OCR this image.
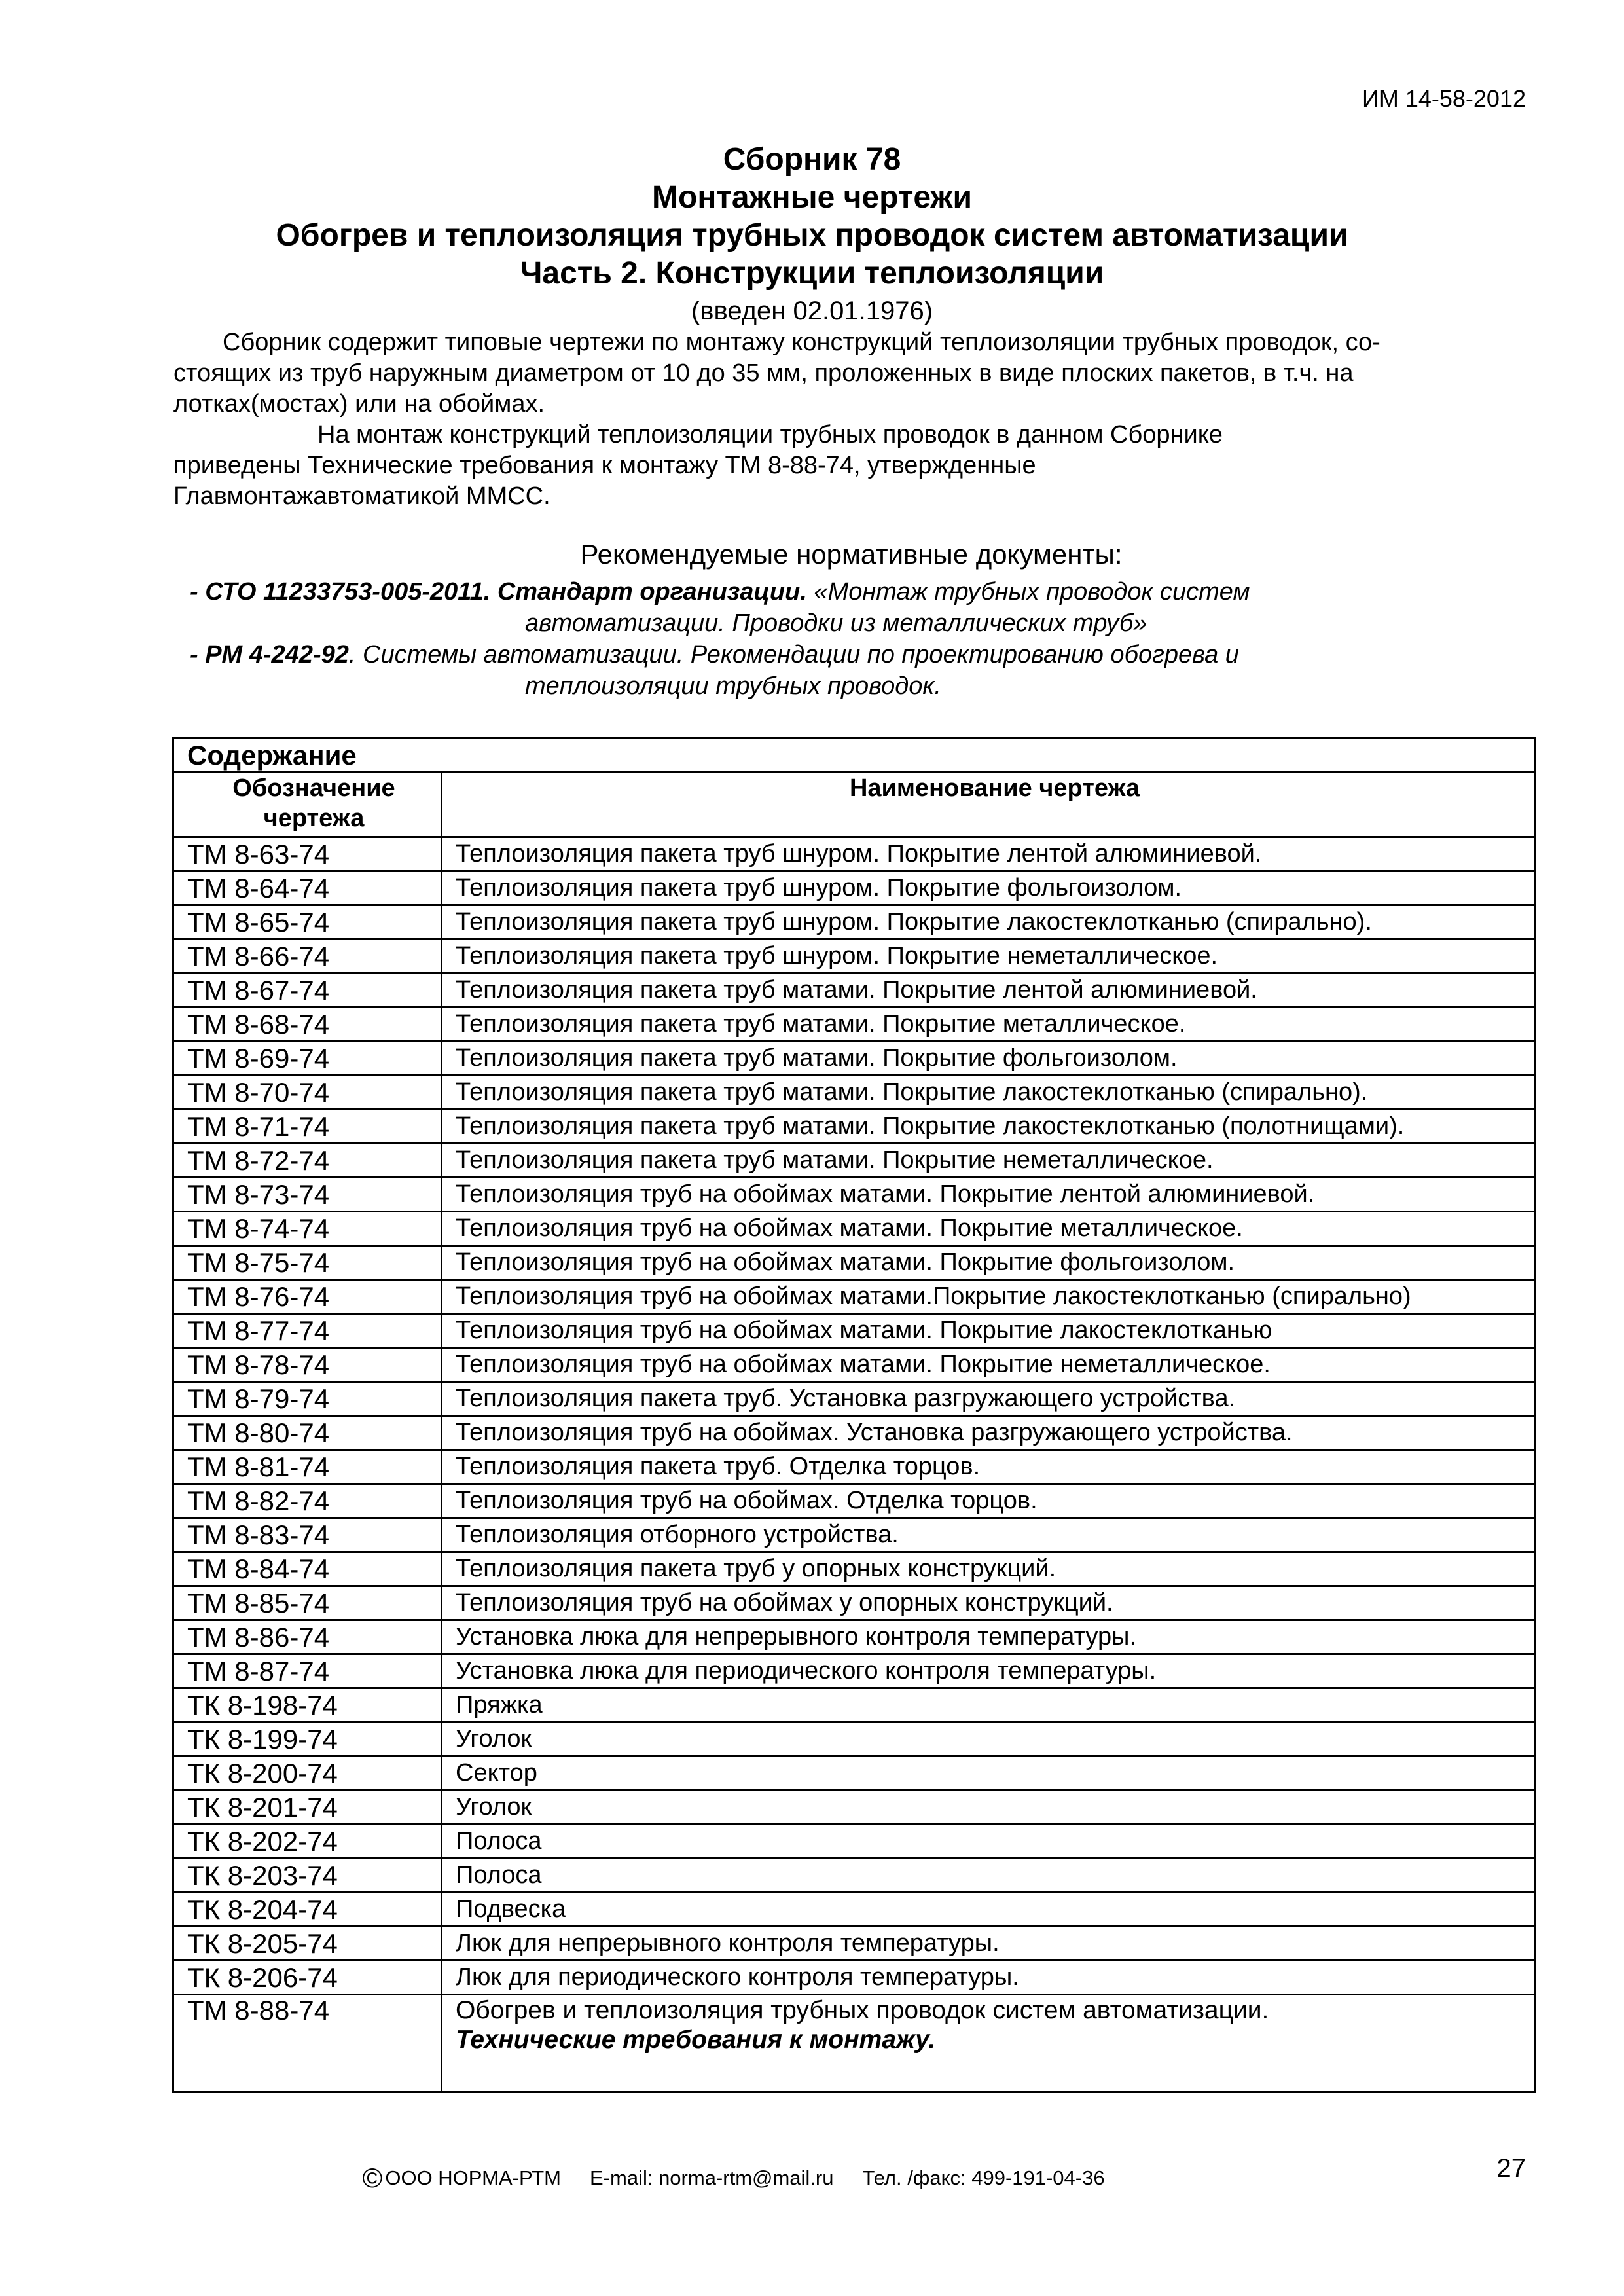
ИМ 14-58-2012
Сборник 78
Монтажные чертежи
Обогрев и теплоизоляция трубных проводок систем автоматизации
Часть 2. Конструкции теплоизоляции
(введен 02.01.1976)

Сборник содержит типовые чертежи по монтажу конструкций теплоизоляции трубных проводок, со-

стоящих из труб наружным диаметром от 10 до 35 мм, проложенных в виде плоских пакетов, в т.ч. на

лотках(мостах) или на обоймах.

На монтаж конструкций теплоизоляции трубных проводок в данном Сборнике

приведены Технические требования к монтажу ТМ 8-88-74, утвержденные

Главмонтажавтоматикой ММСС.

Рекомендуемые нормативные документы:
- СТО 11233753-005-2011. Стандарт организации. «Монтаж трубных проводок систем
автоматизации. Проводки из металлических труб»
- РМ 4-242-92. Системы автоматизации. Рекомендации по проектированию обогрева и
теплоизоляции трубных проводок.
Содержание	
Обозначение чертежа	Наименование чертежа
ТМ 8-63-74	Теплоизоляция пакета труб шнуром. Покрытие лентой алюминиевой.
ТМ 8-64-74	Теплоизоляция пакета труб шнуром. Покрытие фольгоизолом.
ТМ 8-65-74	Теплоизоляция пакета труб шнуром. Покрытие лакостеклотканью (спирально).
ТМ 8-66-74	Теплоизоляция пакета труб шнуром. Покрытие неметаллическое.
ТМ 8-67-74	Теплоизоляция пакета труб матами. Покрытие лентой алюминиевой.
ТМ 8-68-74	Теплоизоляция пакета труб матами. Покрытие металлическое.
ТМ 8-69-74	Теплоизоляция пакета труб матами. Покрытие фольгоизолом.
ТМ 8-70-74	Теплоизоляция пакета труб матами. Покрытие лакостеклотканью (спирально).
ТМ 8-71-74	Теплоизоляция пакета труб матами. Покрытие лакостеклотканью (полотнищами).
ТМ 8-72-74	Теплоизоляция пакета труб матами. Покрытие неметаллическое.
ТМ 8-73-74	Теплоизоляция труб на обоймах матами. Покрытие лентой алюминиевой.
ТМ 8-74-74	Теплоизоляция труб на обоймах матами. Покрытие металлическое.
ТМ 8-75-74	Теплоизоляция труб на обоймах матами. Покрытие фольгоизолом.
ТМ 8-76-74	Теплоизоляция труб на обоймах матами.Покрытие лакостеклотканью (спирально)
ТМ 8-77-74	Теплоизоляция труб на обоймах матами. Покрытие лакостеклотканью
ТМ 8-78-74	Теплоизоляция труб на обоймах матами. Покрытие неметаллическое.
ТМ 8-79-74	Теплоизоляция пакета труб. Установка разгружающего устройства.
ТМ 8-80-74	Теплоизоляция труб на обоймах. Установка разгружающего устройства.
ТМ 8-81-74	Теплоизоляция пакета труб. Отделка торцов.
ТМ 8-82-74	Теплоизоляция труб на обоймах. Отделка торцов.
ТМ 8-83-74	Теплоизоляция отборного устройства.
ТМ 8-84-74	Теплоизоляция пакета труб у опорных конструкций.
ТМ 8-85-74	Теплоизоляция труб на обоймах у опорных конструкций.
ТМ 8-86-74	Установка люка для непрерывного контроля температуры.
ТМ 8-87-74	Установка люка для периодического контроля температуры.
ТК 8-198-74	Пряжка
ТК 8-199-74	Уголок
ТК 8-200-74	Сектор
ТК 8-201-74	Уголок
ТК 8-202-74	Полоса
ТК 8-203-74	Полоса
ТК 8-204-74	Подвеска
ТК 8-205-74	Люк для непрерывного контроля температуры.
ТК 8-206-74	Люк для периодического контроля температуры.
ТМ 8-88-74	Обогрев и теплоизоляция трубных проводок систем автоматизации.
Технические требования к монтажу.
© ООО НОРМА-РТМ E-mail: norma-rtm@mail.ru Тел. /факс: 499-191-04-36	27
